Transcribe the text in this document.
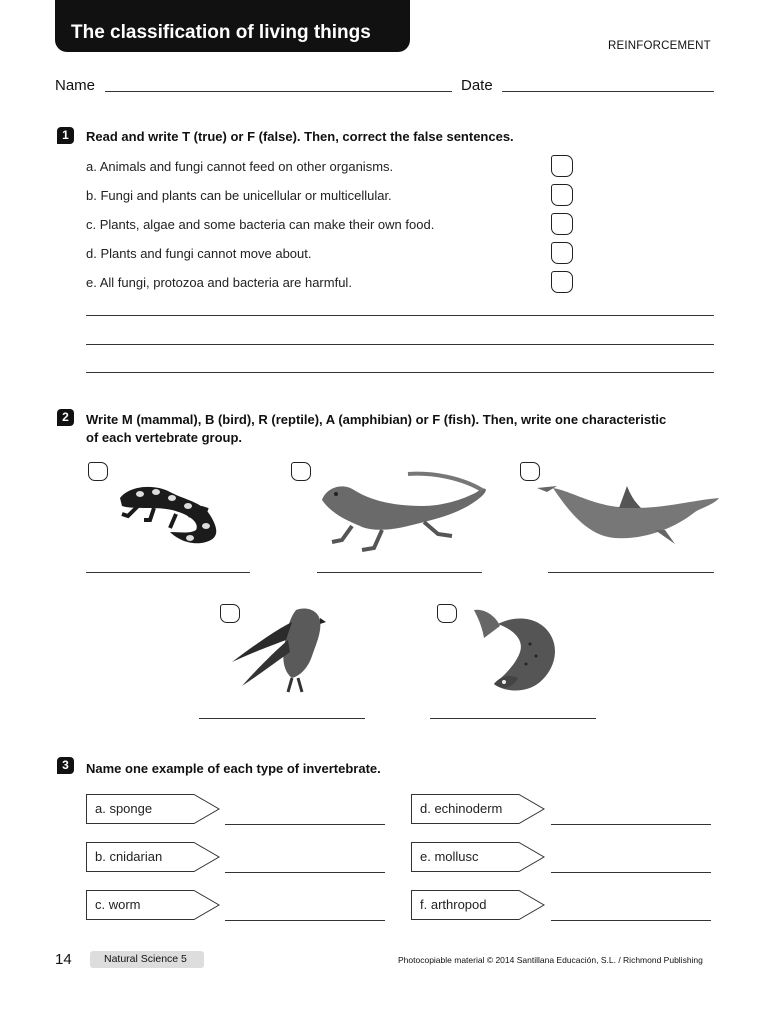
The classification of living things
REINFORCEMENT
Name	Date
1	Read and write T (true) or F (false). Then, correct the false sentences.
a. Animals and fungi cannot feed on other organisms.
b. Fungi and plants can be unicellular or multicellular.
c. Plants, algae and some bacteria can make their own food.
d. Plants and fungi cannot move about.
e. All fungi, protozoa and bacteria are harmful.
2	Write M (mammal), B (bird), R (reptile), A (amphibian) or F (fish). Then, write one characteristic
of each vertebrate group.
3	Name one example of each type of invertebrate.
a. sponge
b. cnidarian
c. worm
d. echinoderm
e. mollusc
f. arthropod
14	Natural Science 5	Photocopiable material © 2014 Santillana Educación, S.L. / Richmond Publishing
